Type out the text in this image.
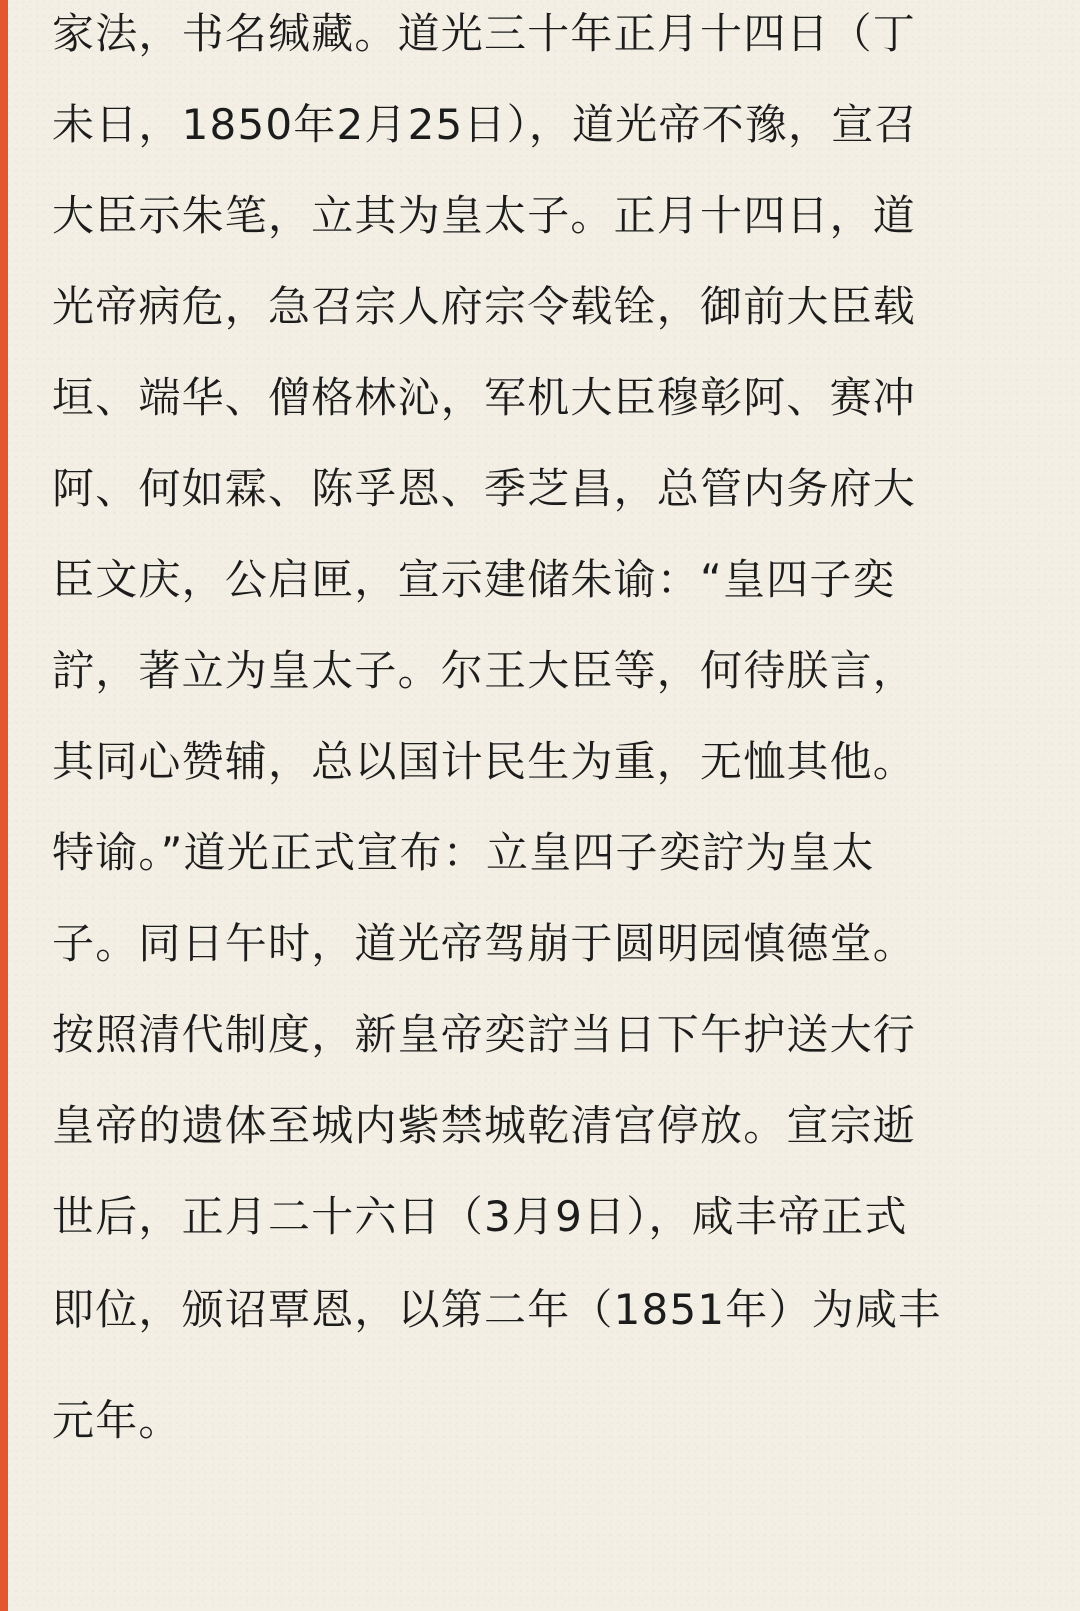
家法，书名缄藏。道光三十年正月十四日（丁
未日，1850年2月25日），道光帝不豫，宣召
大臣示朱笔，立其为皇太子。正月十四日，道
光帝病危，急召宗人府宗令载铨，御前大臣载
垣、端华、僧格林沁，军机大臣穆彰阿、赛冲
阿、何如霖、陈孚恩、季芝昌，总管内务府大
臣文庆，公启匣，宣示建储朱谕：“皇四子奕
詝，著立为皇太子。尔王大臣等，何待朕言，
其同心赞辅，总以国计民生为重，无恤其他。
特谕。”道光正式宣布：立皇四子奕詝为皇太
子。同日午时，道光帝驾崩于圆明园慎德堂。
按照清代制度，新皇帝奕詝当日下午护送大行
皇帝的遗体至城内紫禁城乾清宫停放。宣宗逝
世后，正月二十六日（3月9日），咸丰帝正式
即位，颁诏覃恩，以第二年（1851年）为咸丰
元年。
